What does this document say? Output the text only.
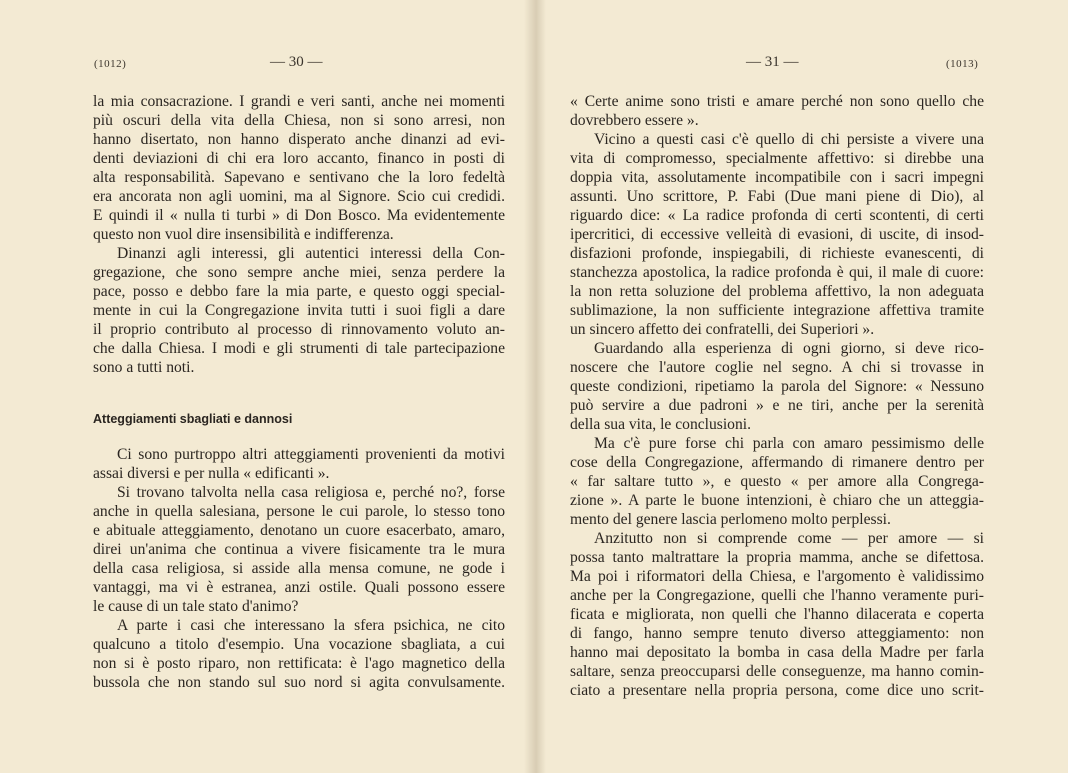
(1012)	— 30 —
la mia consacrazione. I grandi e veri santi, anche nei momenti
più oscuri della vita della Chiesa, non si sono arresi, non
hanno disertato, non hanno disperato anche dinanzi ad evi-
denti deviazioni di chi era loro accanto, financo in posti di
alta responsabilità. Sapevano e sentivano che la loro fedeltà
era ancorata non agli uomini, ma al Signore. Scio cui credidi.
E quindi il « nulla ti turbi » di Don Bosco. Ma evidentemente
questo non vuol dire insensibilità e indifferenza.
Dinanzi agli interessi, gli autentici interessi della Con-
gregazione, che sono sempre anche miei, senza perdere la
pace, posso e debbo fare la mia parte, e questo oggi special-
mente in cui la Congregazione invita tutti i suoi figli a dare
il proprio contributo al processo di rinnovamento voluto an-
che dalla Chiesa. I modi e gli strumenti di tale partecipazione
sono a tutti noti.
Atteggiamenti sbagliati e dannosi
Ci sono purtroppo altri atteggiamenti provenienti da motivi
assai diversi e per nulla « edificanti ».
Si trovano talvolta nella casa religiosa e, perché no?, forse
anche in quella salesiana, persone le cui parole, lo stesso tono
e abituale atteggiamento, denotano un cuore esacerbato, amaro,
direi un'anima che continua a vivere fisicamente tra le mura
della casa religiosa, si asside alla mensa comune, ne gode i
vantaggi, ma vi è estranea, anzi ostile. Quali possono essere
le cause di un tale stato d'animo?
A parte i casi che interessano la sfera psichica, ne cito
qualcuno a titolo d'esempio. Una vocazione sbagliata, a cui
non si è posto riparo, non rettificata: è l'ago magnetico della
bussola che non stando sul suo nord si agita convulsamente.
— 31 —	(1013)
« Certe anime sono tristi e amare perché non sono quello che
dovrebbero essere ».
Vicino a questi casi c'è quello di chi persiste a vivere una
vita di compromesso, specialmente affettivo: si direbbe una
doppia vita, assolutamente incompatibile con i sacri impegni
assunti. Uno scrittore, P. Fabi (Due mani piene di Dio), al
riguardo dice: « La radice profonda di certi scontenti, di certi
ipercritici, di eccessive velleità di evasioni, di uscite, di insod-
disfazioni profonde, inspiegabili, di richieste evanescenti, di
stanchezza apostolica, la radice profonda è qui, il male di cuore:
la non retta soluzione del problema affettivo, la non adeguata
sublimazione, la non sufficiente integrazione affettiva tramite
un sincero affetto dei confratelli, dei Superiori ».
Guardando alla esperienza di ogni giorno, si deve rico-
noscere che l'autore coglie nel segno. A chi si trovasse in
queste condizioni, ripetiamo la parola del Signore: « Nessuno
può servire a due padroni » e ne tiri, anche per la serenità
della sua vita, le conclusioni.
Ma c'è pure forse chi parla con amaro pessimismo delle
cose della Congregazione, affermando di rimanere dentro per
« far saltare tutto », e questo « per amore alla Congrega-
zione ». A parte le buone intenzioni, è chiaro che un atteggia-
mento del genere lascia perlomeno molto perplessi.
Anzitutto non si comprende come — per amore — si
possa tanto maltrattare la propria mamma, anche se difettosa.
Ma poi i riformatori della Chiesa, e l'argomento è validissimo
anche per la Congregazione, quelli che l'hanno veramente puri-
ficata e migliorata, non quelli che l'hanno dilacerata e coperta
di fango, hanno sempre tenuto diverso atteggiamento: non
hanno mai depositato la bomba in casa della Madre per farla
saltare, senza preoccuparsi delle conseguenze, ma hanno comin-
ciato a presentare nella propria persona, come dice uno scrit-
